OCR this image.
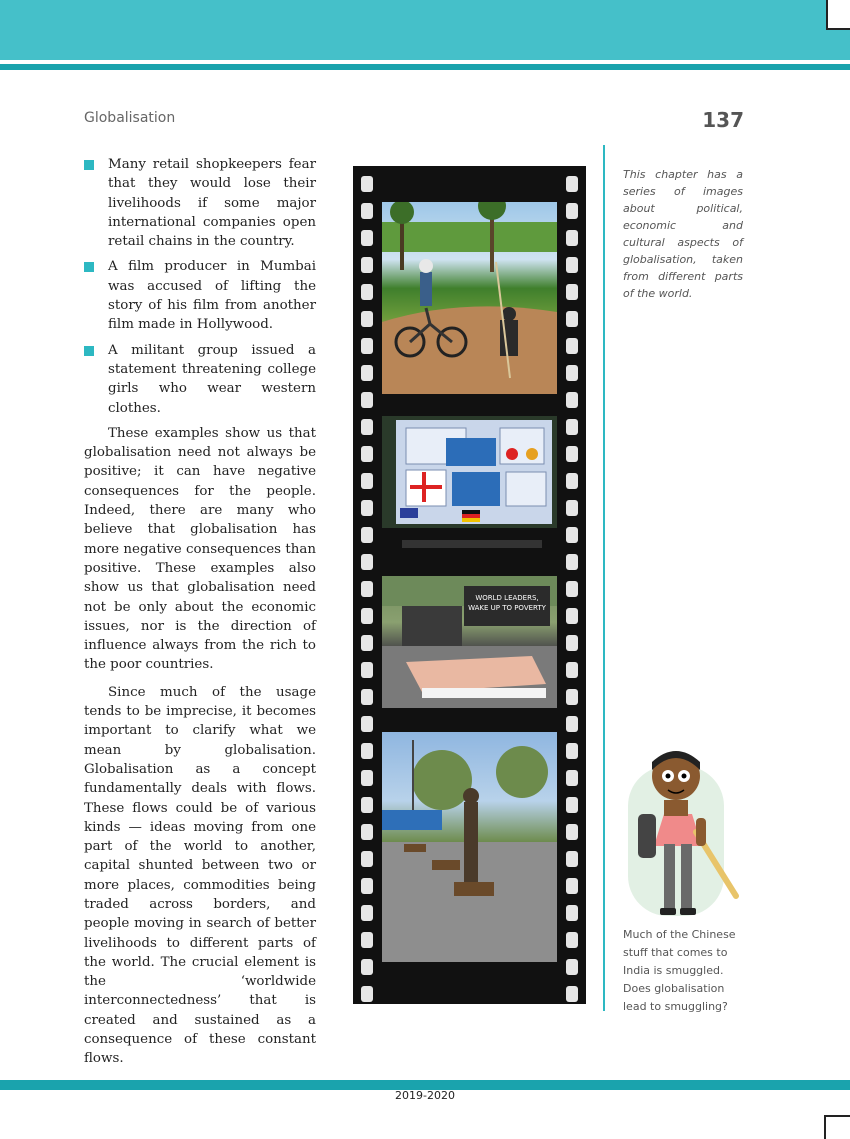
Globalisation	137
Many retail shopkeepers fear that they would lose their livelihoods if some major international companies open retail chains in the country.
A film producer in Mumbai was accused of lifting the story of his film from another film made in Hollywood.
A militant group issued a statement threatening college girls who wear western clothes.

These examples show us that globalisation need not always be positive; it can have negative consequences for the people. Indeed, there are many who believe that globalisation has more negative consequences than positive. These examples also show us that globalisation need not be only about the economic issues, nor is the direction of influence always from the rich to the poor countries.

Since much of the usage tends to be imprecise, it becomes important to clarify what we mean by globalisation. Globalisation as a concept fundamentally deals with flows. These flows could be of various kinds — ideas moving from one part of the world to another, capital shunted between two or more places, commodities being traded across borders, and people moving in search of better livelihoods to different parts of the world. The crucial element is the ‘worldwide interconnectedness’ that is created and sustained as a consequence of these constant flows.

WORLD LEADERS,
WAKE UP TO POVERTY
This chapter has a series of images about political, economic and cultural aspects of globalisation, taken from different parts of the world.
Much of the Chinese stuff that comes to India is smuggled. Does globalisation lead to smuggling?
2019-2020
